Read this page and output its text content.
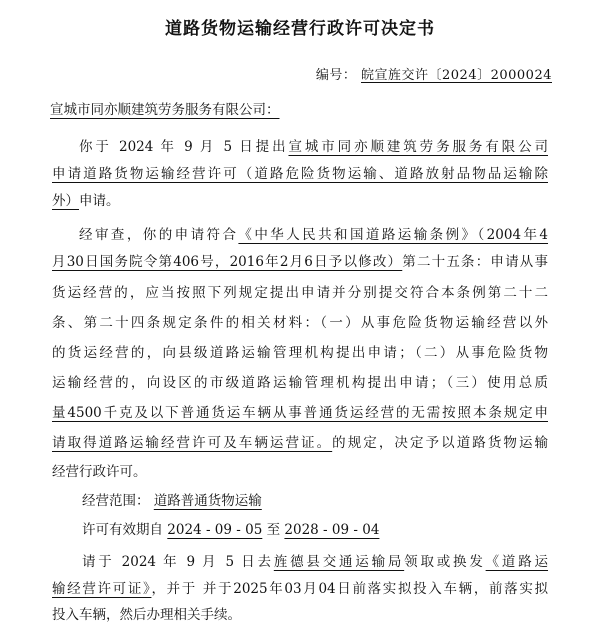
道路货物运输经营行政许可决定书
编号： 皖宣旌交许〔2024〕2000024
宣城市同亦顺建筑劳务服务有限公司：
你于 2024 年 9 月 5 日提出宣城市同亦顺建筑劳务服务有限公司
申请道路货物运输经营许可（道路危险货物运输、道路放射品物品运输除
外）申请。
经审查，你的申请符合《中华人民共和国道路运输条例》（2004年4
月30日国务院令第406号，2016年2月6日予以修改）第二十五条：申请从事
货运经营的，应当按照下列规定提出申请并分别提交符合本条例第二十二
条、第二十四条规定条件的相关材料：（一）从事危险货物运输经营以外
的货运经营的，向县级道路运输管理机构提出申请；（二）从事危险货物
运输经营的，向设区的市级道路运输管理机构提出申请；（三）使用总质
量4500千克及以下普通货运车辆从事普通货运经营的无需按照本条规定申
请取得道路运输经营许可及车辆运营证。的规定，决定予以道路货物运输
经营行政许可。
经营范围： 道路普通货物运输
许可有效期自 2024 - 09 - 05 至 2028 - 09 - 04
请于 2024 年 9 月 5 日去旌德县交通运输局领取或换发《道路运
输经营许可证》，并于 并于2025年03月04日前落实拟投入车辆，前落实拟
投入车辆，然后办理相关手续。
